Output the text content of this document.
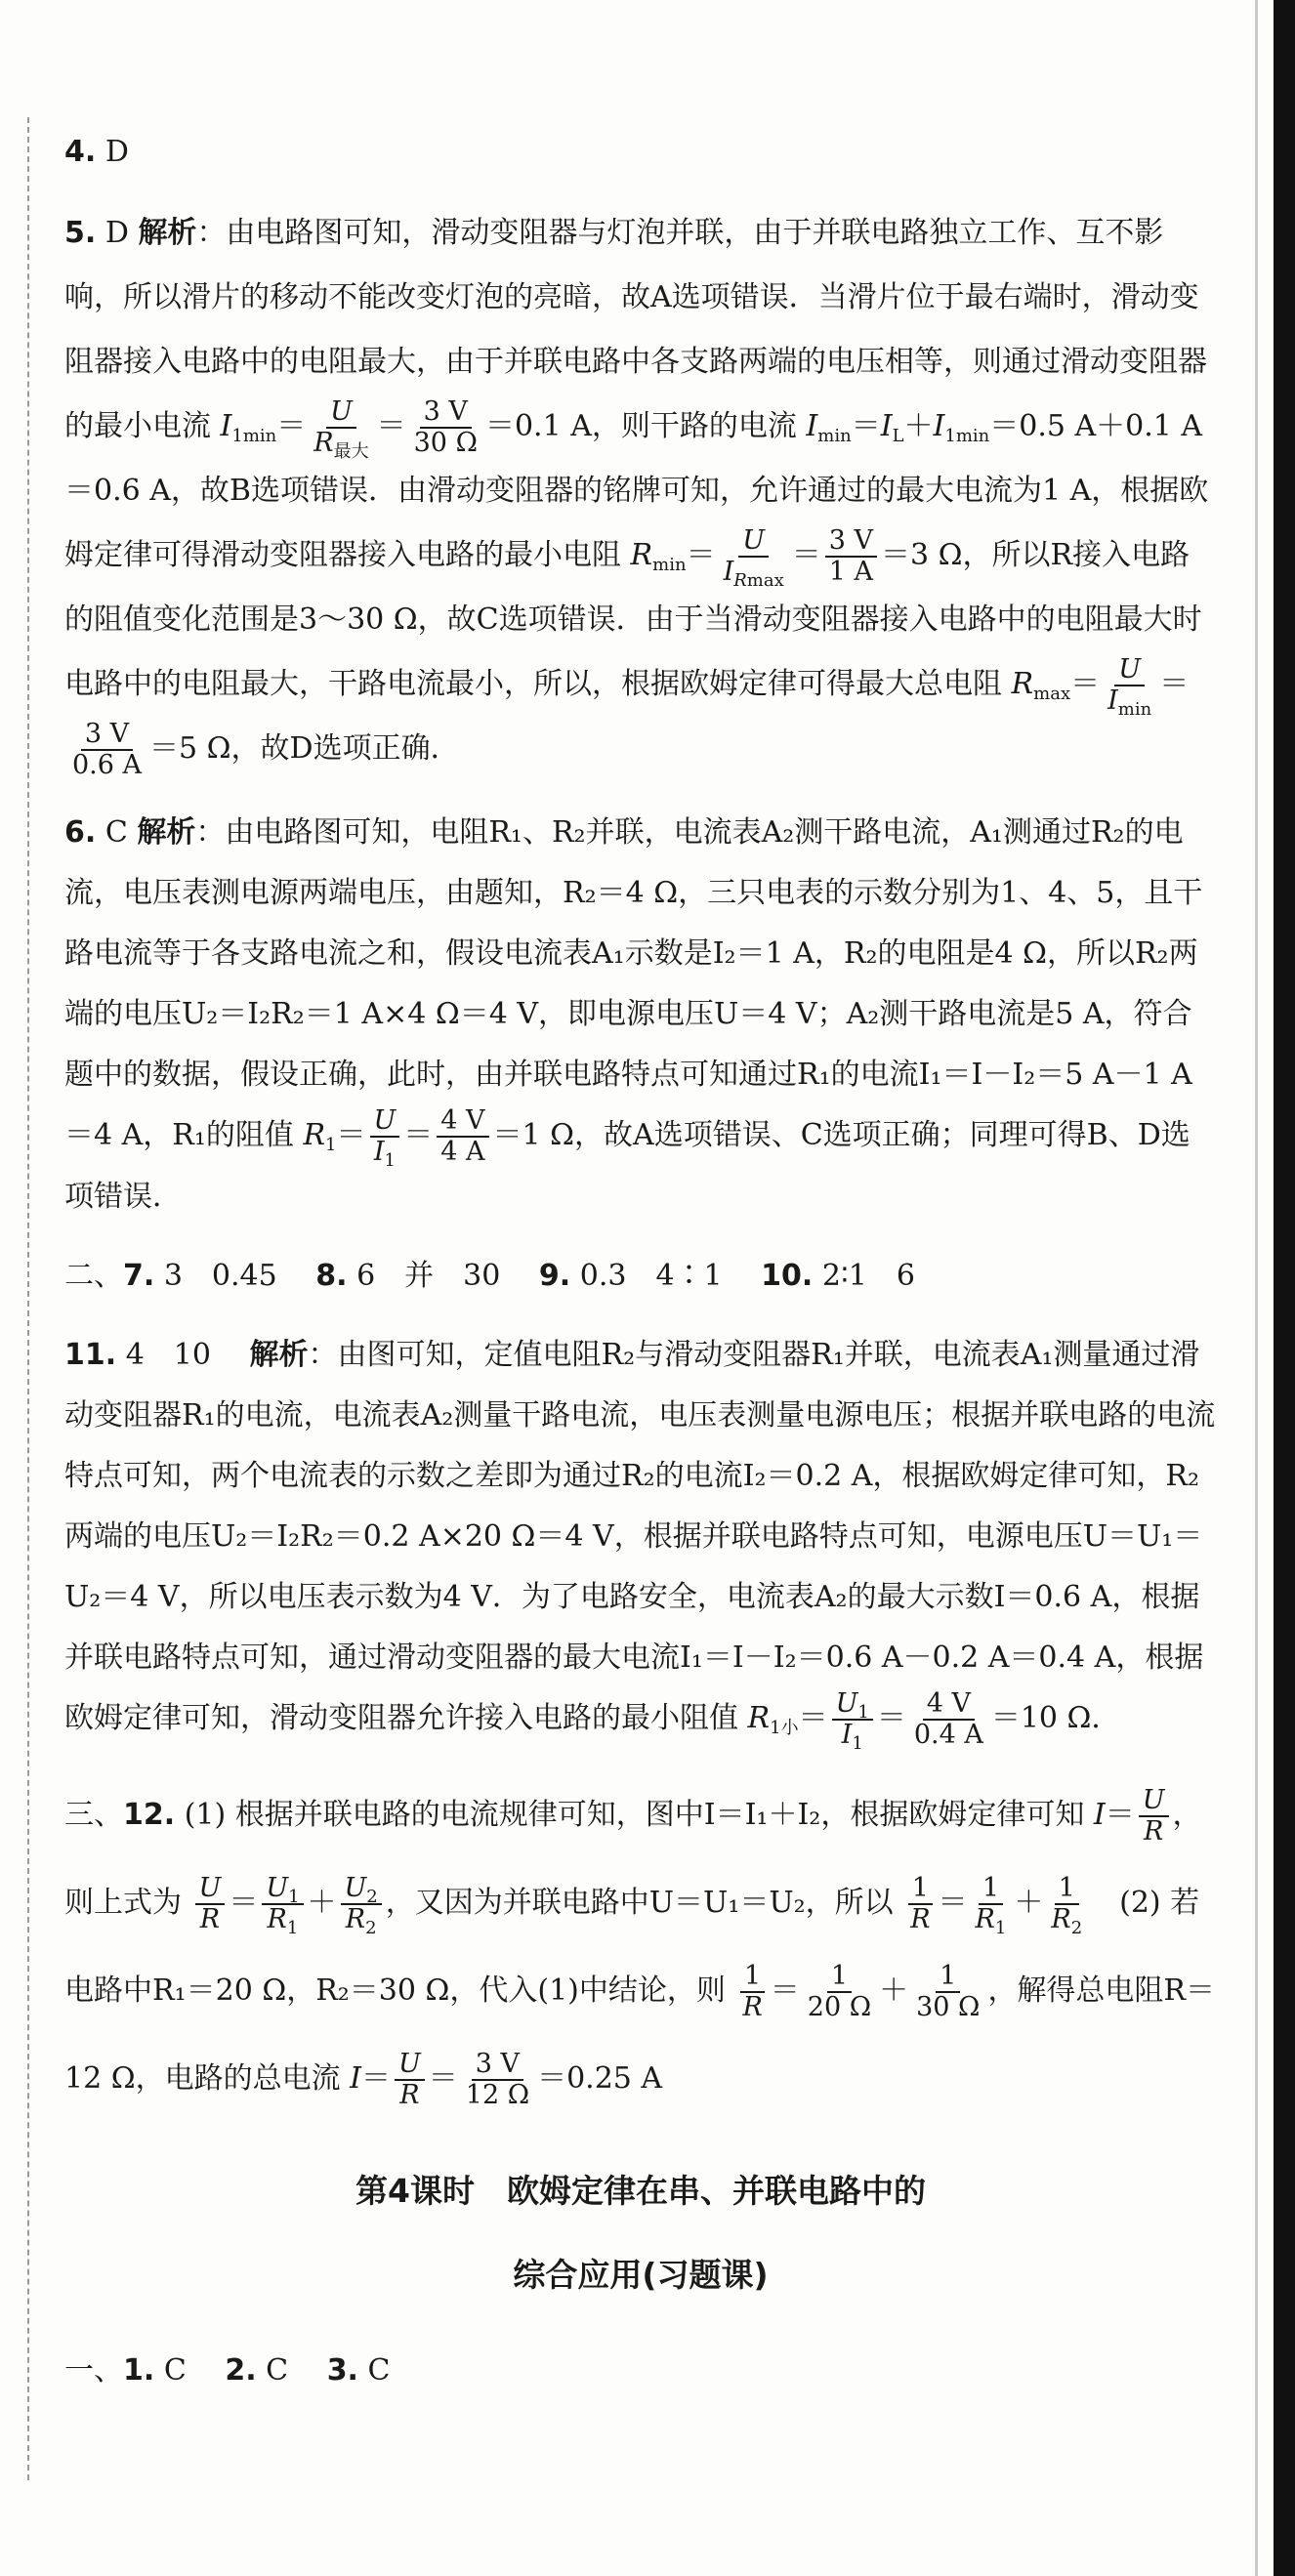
4. D

5. D 解析：由电路图可知，滑动变阻器与灯泡并联，由于并联电路独立工作、互不影响，所以滑片的移动不能改变灯泡的亮暗，故A选项错误．当滑片位于最右端时，滑动变阻器接入电路中的电阻最大，由于并联电路中各支路两端的电压相等，则通过滑动变阻器的最小电流 $I_{1min}= \frac{U}{R_{最大}} = \frac{3 V}{30 \Omega} =0.1$ A，则干路的电流 $I_{min}=I_L+I_{1min}=0.5$ A＋0.1 A＝0.6 A，故B选项错误．由滑动变阻器的铭牌可知，允许通过的最大电流为1 A，根据欧姆定律可得滑动变阻器接入电路的最小电阻 $R_{min}= \frac{U}{I_{Rmax}} = \frac{3 V}{1 A} =3$ Ω，所以R接入电路的阻值变化范围是3～30 Ω，故C选项错误．由于当滑动变阻器接入电路中的电阻最大时电路中的电阻最大，干路电流最小，所以，根据欧姆定律可得最大总电阻 $R_{max}= \frac{U}{I_{min}}$ ＝
$\frac{3 V}{0.6 A} =5$ Ω，故D选项正确．

6. C 解析：由电路图可知，电阻R₁、R₂并联，电流表A₂测干路电流，A₁测通过R₂的电流，电压表测电源两端电压，由题知，R₂＝4 Ω，三只电表的示数分别为1、4、5，且干路电流等于各支路电流之和，假设电流表A₁示数是I₂＝1 A，R₂的电阻是4 Ω，所以R₂两端的电压U₂＝I₂R₂＝1 A×4 Ω＝4 V，即电源电压U＝4 V；A₂测干路电流是5 A，符合题中的数据，假设正确，此时，由并联电路特点可知通过R₁的电流I₁＝I－I₂＝5 A－1 A＝4 A，R₁的阻值 $R_1= \frac{U}{I_1} = \frac{4 V}{4 A} =1$ Ω，故A选项错误、C选项正确；同理可得B、D选项错误．

二、7. 3　0.45　 8. 6　并　30　 9. 0.3　4∶1　 10. 2∶1　6

11. 4　10　 解析：由图可知，定值电阻R₂与滑动变阻器R₁并联，电流表A₁测量通过滑动变阻器R₁的电流，电流表A₂测量干路电流，电压表测量电源电压；根据并联电路的电流特点可知，两个电流表的示数之差即为通过R₂的电流I₂＝0.2 A，根据欧姆定律可知，R₂两端的电压U₂＝I₂R₂＝0.2 A×20 Ω＝4 V，根据并联电路特点可知，电源电压U＝U₁＝U₂＝4 V，所以电压表示数为4 V．为了电路安全，电流表A₂的最大示数I＝0.6 A，根据并联电路特点可知，通过滑动变阻器的最大电流I₁＝I－I₂＝0.6 A－0.2 A＝0.4 A，根据欧姆定律可知，滑动变阻器允许接入电路的最小阻值 $R_{1小}= \frac{U_1}{I_1} = \frac{4 V}{0.4 A} =10$ Ω．

三、12. (1) 根据并联电路的电流规律可知，图中I＝I₁＋I₂，根据欧姆定律可知 $I= \frac{U}{R}$ ，则上式为 $\frac{U}{R} = \frac{U_1}{R_1} + \frac{U_2}{R_2}$ ，又因为并联电路中U＝U₁＝U₂，所以 $\frac{1}{R} = \frac{1}{R_1} + \frac{1}{R_2}$ 　(2) 若电路中R₁＝20 Ω，R₂＝30 Ω，代入(1)中结论，则 $\frac{1}{R} = \frac{1}{20 \Omega} + \frac{1}{30 \Omega}$ ，解得总电阻R＝12 Ω，电路的总电流 $I= \frac{U}{R} = \frac{3 V}{12 \Omega} =0.25$ A

第4课时　欧姆定律在串、并联电路中的
综合应用(习题课)

一、1. C　 2. C　 3. C
